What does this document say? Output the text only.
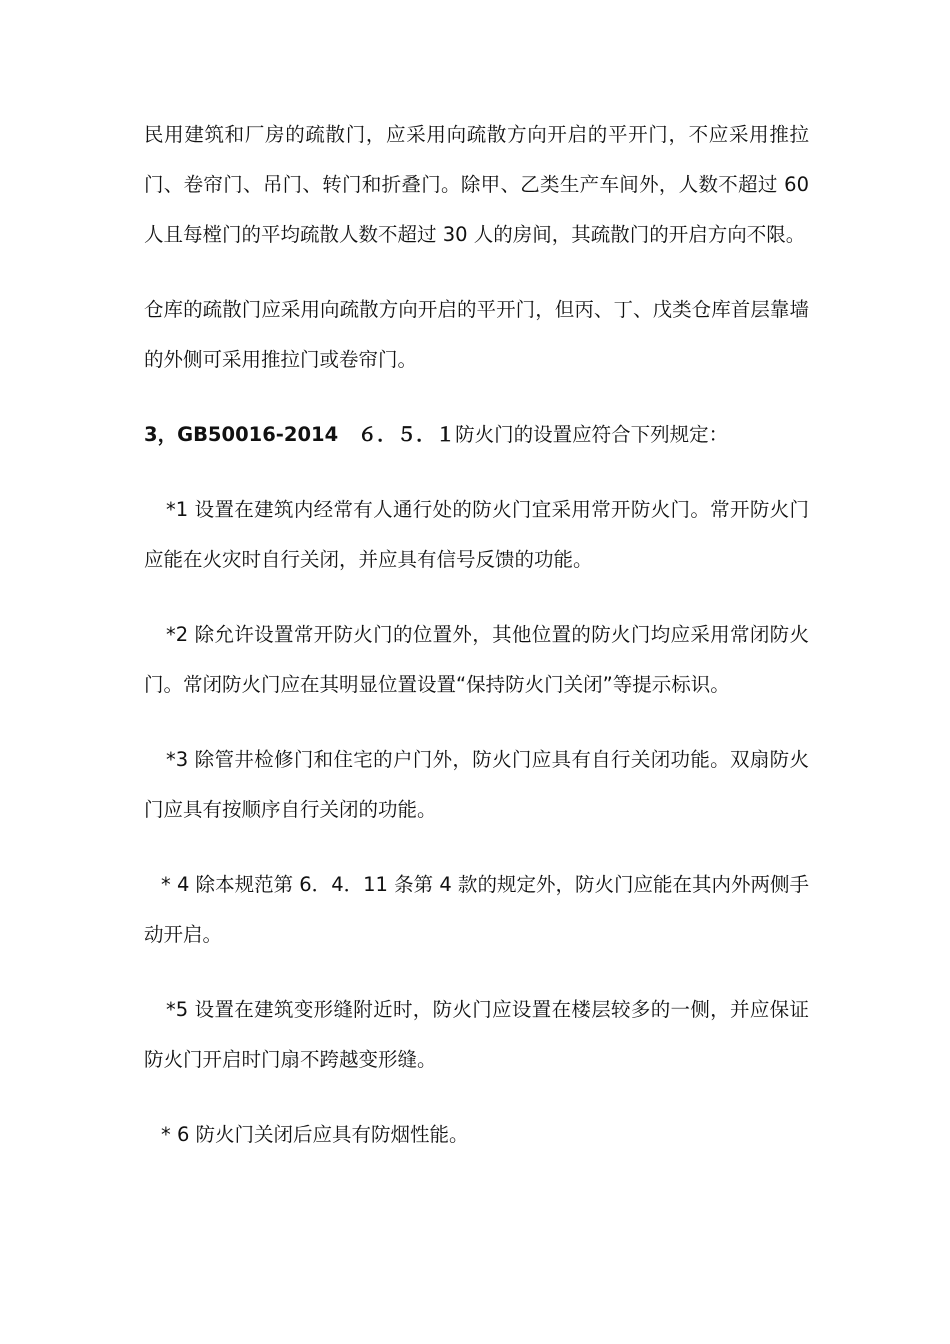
民用建筑和厂房的疏散门，应采用向疏散方向开启的平开门，不应采用推拉门、卷帘门、吊门、转门和折叠门。除甲、乙类生产车间外，人数不超过 60 人且每樘门的平均疏散人数不超过 30 人的房间，其疏散门的开启方向不限。

仓库的疏散门应采用向疏散方向开启的平开门，但丙、丁、戊类仓库首层靠墙的外侧可采用推拉门或卷帘门。

3，GB50016-2014　６．５．１防火门的设置应符合下列规定：

*1 设置在建筑内经常有人通行处的防火门宜采用常开防火门。常开防火门应能在火灾时自行关闭，并应具有信号反馈的功能。

*2 除允许设置常开防火门的位置外，其他位置的防火门均应采用常闭防火门。常闭防火门应在其明显位置设置“保持防火门关闭”等提示标识。

*3 除管井检修门和住宅的户门外，防火门应具有自行关闭功能。双扇防火门应具有按顺序自行关闭的功能。

* 4 除本规范第 6．4．11 条第 4 款的规定外，防火门应能在其内外两侧手动开启。

*5 设置在建筑变形缝附近时，防火门应设置在楼层较多的一侧，并应保证防火门开启时门扇不跨越变形缝。

* 6 防火门关闭后应具有防烟性能。
